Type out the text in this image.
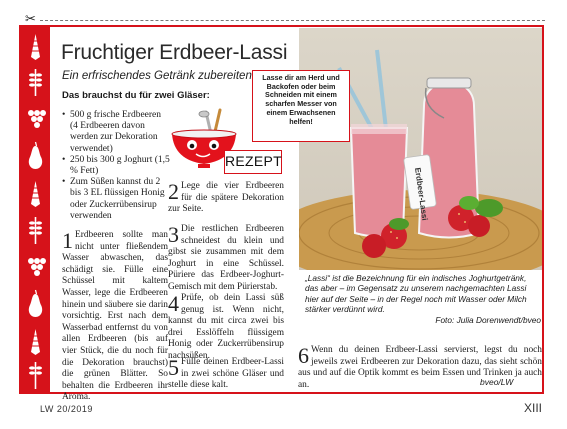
✂
Fruchtiger Erdbeer-Lassi
Ein erfrischendes Getränk zubereiten
Das brauchst du für zwei Gläser:
• 500 g frische Erdbeeren (4 Erdbeeren davon werden zur Dekoration verwendet)
• 250 bis 300 g Joghurt (1,5 % Fett)
• Zum Süßen kannst du 2 bis 3 EL flüssigen Honig oder Zuckerrübensirup verwenden
REZEPT
1 Erdbeeren sollte man nicht unter fließendem Wasser abwaschen, das schädigt sie. Fülle eine Schüssel mit kaltem Wasser, lege die Erdbeeren hinein und säubere sie darin vorsichtig. Erst nach dem Wasserbad entfernst du von allen Erdbeeren (bis auf vier Stück, die du noch für die Dekoration brauchst) die grünen Blätter. So behalten die Erdbeeren ihr Aroma.
2 Lege die vier Erdbeeren für die spätere Dekoration zur Seite.
3 Die restlichen Erdbeeren schneidest du klein und gibst sie zusammen mit dem Joghurt in eine Schüssel. Püriere das Erdbeer-Joghurt-Gemisch mit dem Pürierstab.
4 Prüfe, ob dein Lassi süß genug ist. Wenn nicht, kannst du mit circa zwei bis drei Esslöffeln flüssigem Honig oder Zuckerrübensirup nachsüßen.
5 Fülle deinen Erdbeer-Lassi in zwei schöne Gläser und stelle diese kalt.
6 Wenn du deinen Erdbeer-Lassi servierst, legst du noch jeweils zwei Erdbeeren zur Dekoration dazu, das sieht schön aus und auf die Optik kommt es beim Essen und Trinken ja auch an.
Erdbeer-Lassi
Lasse dir am Herd und Backofen oder beim Schneiden mit einem scharfen Messer von einem Erwachsenen helfen!
„Lassi“ ist die Bezeichnung für ein indisches Joghurtgetränk, das aber – im Gegensatz zu unserem nachgemachten Lassi hier auf der Seite – in der Regel noch mit Wasser oder Milch stärker verdünnt wird.
Foto: Julia Dorenwendt/bveo
bveo/LW
LW 20/2019	XIII
